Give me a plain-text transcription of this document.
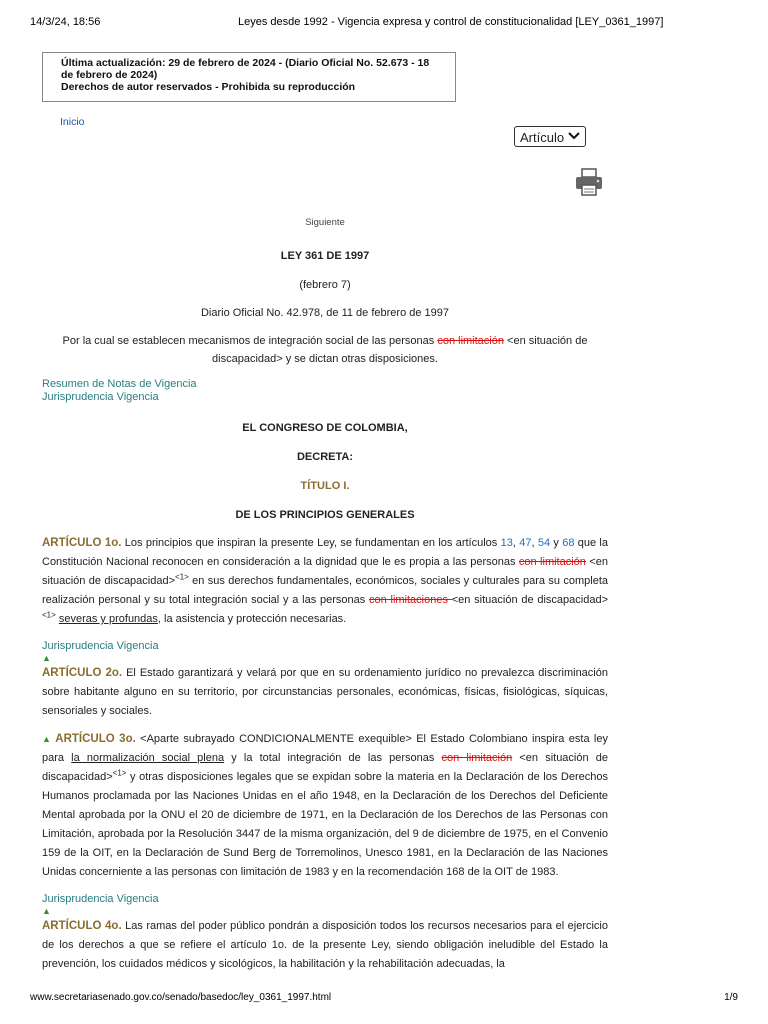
14/3/24, 18:56	Leyes desde 1992 - Vigencia expresa y control de constitucionalidad [LEY_0361_1997]
Última actualización: 29 de febrero de 2024 - (Diario Oficial No. 52.673 - 18
de febrero de 2024)
Derechos de autor reservados - Prohibida su reproducción
Inicio
Artículo
Siguiente
LEY 361 DE 1997
(febrero 7)
Diario Oficial No. 42.978, de 11 de febrero de 1997
Por la cual se establecen mecanismos de integración social de las personas con limitación <en situación de discapacidad> y se dictan otras disposiciones.
Resumen de Notas de Vigencia
Jurisprudencia Vigencia
EL CONGRESO DE COLOMBIA,
DECRETA:
TÍTULO I.
DE LOS PRINCIPIOS GENERALES

ARTÍCULO 1o. Los principios que inspiran la presente Ley, se fundamentan en los artículos 13, 47, 54 y 68 que la Constitución Nacional reconocen en consideración a la dignidad que le es propia a las personas con limitación <en situación de discapacidad>$^{<1>}$ en sus derechos fundamentales, económicos, sociales y culturales para su completa realización personal y su total integración social y a las personas con limitaciones <en situación de discapacidad>$^{<1>}$ severas y profundas, la asistencia y protección necesarias.

Jurisprudencia Vigencia
▲

ARTÍCULO 2o. El Estado garantizará y velará por que en su ordenamiento jurídico no prevalezca discriminación sobre habitante alguno en su territorio, por circunstancias personales, económicas, físicas, fisiológicas, síquicas, sensoriales y sociales.

▲ ARTÍCULO 3o. <Aparte subrayado CONDICIONALMENTE exequible> El Estado Colombiano inspira esta ley para la normalización social plena y la total integración de las personas con limitación <en situación de discapacidad>$^{<1>}$ y otras disposiciones legales que se expidan sobre la materia en la Declaración de los Derechos Humanos proclamada por las Naciones Unidas en el año 1948, en la Declaración de los Derechos del Deficiente Mental aprobada por la ONU el 20 de diciembre de 1971, en la Declaración de los Derechos de las Personas con Limitación, aprobada por la Resolución 3447 de la misma organización, del 9 de diciembre de 1975, en el Convenio 159 de la OIT, en la Declaración de Sund Berg de Torremolinos, Unesco 1981, en la Declaración de las Naciones Unidas concerniente a las personas con limitación de 1983 y en la recomendación 168 de la OIT de 1983.

Jurisprudencia Vigencia
▲

ARTÍCULO 4o. Las ramas del poder público pondrán a disposición todos los recursos necesarios para el ejercicio de los derechos a que se refiere el artículo 1o. de la presente Ley, siendo obligación ineludible del Estado la prevención, los cuidados médicos y sicológicos, la habilitación y la rehabilitación adecuadas, la

www.secretariasenado.gov.co/senado/basedoc/ley_0361_1997.html	1/9
